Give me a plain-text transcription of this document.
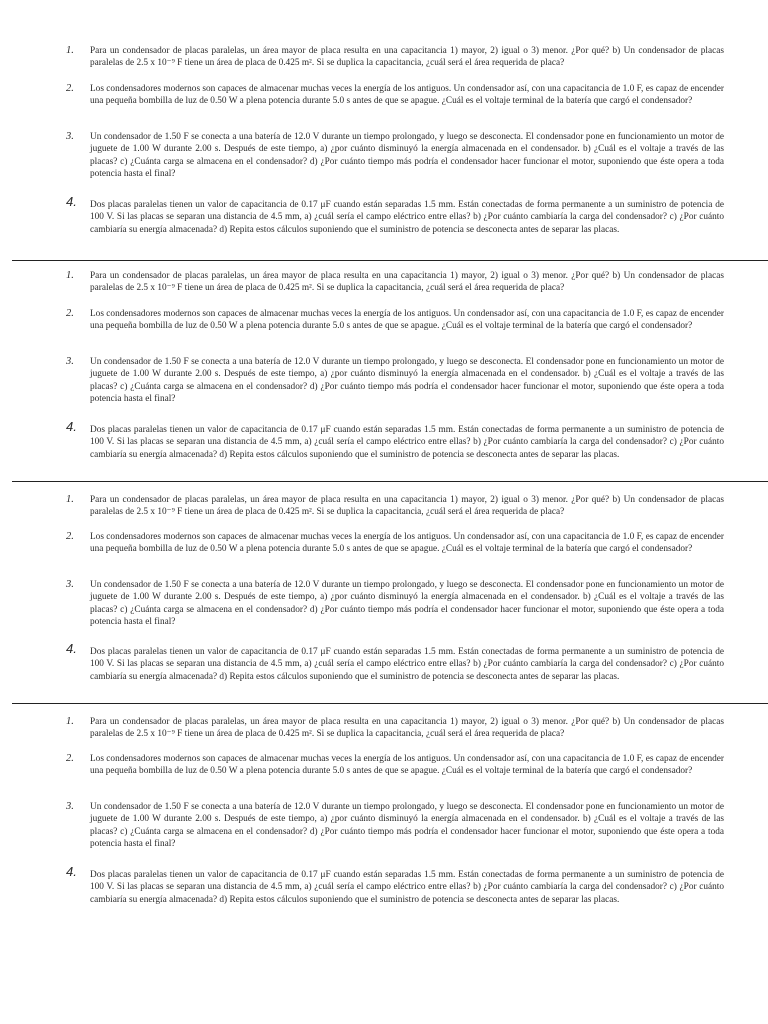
1. Para un condensador de placas paralelas, un área mayor de placa resulta en una capacitancia 1) mayor, 2) igual o 3) menor. ¿Por qué? b) Un condensador de placas paralelas de 2.5 x 10⁻⁹ F tiene un área de placa de 0.425 m². Si se duplica la capacitancia, ¿cuál será el área requerida de placa?
2. Los condensadores modernos son capaces de almacenar muchas veces la energía de los antiguos. Un condensador así, con una capacitancia de 1.0 F, es capaz de encender una pequeña bombilla de luz de 0.50 W a plena potencia durante 5.0 s antes de que se apague. ¿Cuál es el voltaje terminal de la batería que cargó el condensador?
3. Un condensador de 1.50 F se conecta a una batería de 12.0 V durante un tiempo prolongado, y luego se desconecta. El condensador pone en funcionamiento un motor de juguete de 1.00 W durante 2.00 s. Después de este tiempo, a) ¿por cuánto disminuyó la energía almacenada en el condensador. b) ¿Cuál es el voltaje a través de las placas? c) ¿Cuánta carga se almacena en el condensador? d) ¿Por cuánto tiempo más podría el condensador hacer funcionar el motor, suponiendo que éste opera a toda potencia hasta el final?
4. Dos placas paralelas tienen un valor de capacitancia de 0.17 μF cuando están separadas 1.5 mm. Están conectadas de forma permanente a un suministro de potencia de 100 V. Si las placas se separan una distancia de 4.5 mm, a) ¿cuál sería el campo eléctrico entre ellas? b) ¿Por cuánto cambiaría la carga del condensador? c) ¿Por cuánto cambiaría su energía almacenada? d) Repita estos cálculos suponiendo que el suministro de potencia se desconecta antes de separar las placas.
1. Para un condensador de placas paralelas, un área mayor de placa resulta en una capacitancia 1) mayor, 2) igual o 3) menor. ¿Por qué? b) Un condensador de placas paralelas de 2.5 x 10⁻⁹ F tiene un área de placa de 0.425 m². Si se duplica la capacitancia, ¿cuál será el área requerida de placa?
2. Los condensadores modernos son capaces de almacenar muchas veces la energía de los antiguos. Un condensador así, con una capacitancia de 1.0 F, es capaz de encender una pequeña bombilla de luz de 0.50 W a plena potencia durante 5.0 s antes de que se apague. ¿Cuál es el voltaje terminal de la batería que cargó el condensador?
3. Un condensador de 1.50 F se conecta a una batería de 12.0 V durante un tiempo prolongado, y luego se desconecta. El condensador pone en funcionamiento un motor de juguete de 1.00 W durante 2.00 s. Después de este tiempo, a) ¿por cuánto disminuyó la energía almacenada en el condensador. b) ¿Cuál es el voltaje a través de las placas? c) ¿Cuánta carga se almacena en el condensador? d) ¿Por cuánto tiempo más podría el condensador hacer funcionar el motor, suponiendo que éste opera a toda potencia hasta el final?
4. Dos placas paralelas tienen un valor de capacitancia de 0.17 μF cuando están separadas 1.5 mm. Están conectadas de forma permanente a un suministro de potencia de 100 V. Si las placas se separan una distancia de 4.5 mm, a) ¿cuál sería el campo eléctrico entre ellas? b) ¿Por cuánto cambiaría la carga del condensador? c) ¿Por cuánto cambiaría su energía almacenada? d) Repita estos cálculos suponiendo que el suministro de potencia se desconecta antes de separar las placas.
1. Para un condensador de placas paralelas, un área mayor de placa resulta en una capacitancia 1) mayor, 2) igual o 3) menor. ¿Por qué? b) Un condensador de placas paralelas de 2.5 x 10⁻⁹ F tiene un área de placa de 0.425 m². Si se duplica la capacitancia, ¿cuál será el área requerida de placa?
2. Los condensadores modernos son capaces de almacenar muchas veces la energía de los antiguos. Un condensador así, con una capacitancia de 1.0 F, es capaz de encender una pequeña bombilla de luz de 0.50 W a plena potencia durante 5.0 s antes de que se apague. ¿Cuál es el voltaje terminal de la batería que cargó el condensador?
3. Un condensador de 1.50 F se conecta a una batería de 12.0 V durante un tiempo prolongado, y luego se desconecta. El condensador pone en funcionamiento un motor de juguete de 1.00 W durante 2.00 s. Después de este tiempo, a) ¿por cuánto disminuyó la energía almacenada en el condensador. b) ¿Cuál es el voltaje a través de las placas? c) ¿Cuánta carga se almacena en el condensador? d) ¿Por cuánto tiempo más podría el condensador hacer funcionar el motor, suponiendo que éste opera a toda potencia hasta el final?
4. Dos placas paralelas tienen un valor de capacitancia de 0.17 μF cuando están separadas 1.5 mm. Están conectadas de forma permanente a un suministro de potencia de 100 V. Si las placas se separan una distancia de 4.5 mm, a) ¿cuál sería el campo eléctrico entre ellas? b) ¿Por cuánto cambiaría la carga del condensador? c) ¿Por cuánto cambiaría su energía almacenada? d) Repita estos cálculos suponiendo que el suministro de potencia se desconecta antes de separar las placas.
1. Para un condensador de placas paralelas, un área mayor de placa resulta en una capacitancia 1) mayor, 2) igual o 3) menor. ¿Por qué? b) Un condensador de placas paralelas de 2.5 x 10⁻⁹ F tiene un área de placa de 0.425 m². Si se duplica la capacitancia, ¿cuál será el área requerida de placa?
2. Los condensadores modernos son capaces de almacenar muchas veces la energía de los antiguos. Un condensador así, con una capacitancia de 1.0 F, es capaz de encender una pequeña bombilla de luz de 0.50 W a plena potencia durante 5.0 s antes de que se apague. ¿Cuál es el voltaje terminal de la batería que cargó el condensador?
3. Un condensador de 1.50 F se conecta a una batería de 12.0 V durante un tiempo prolongado, y luego se desconecta. El condensador pone en funcionamiento un motor de juguete de 1.00 W durante 2.00 s. Después de este tiempo, a) ¿por cuánto disminuyó la energía almacenada en el condensador. b) ¿Cuál es el voltaje a través de las placas? c) ¿Cuánta carga se almacena en el condensador? d) ¿Por cuánto tiempo más podría el condensador hacer funcionar el motor, suponiendo que éste opera a toda potencia hasta el final?
4. Dos placas paralelas tienen un valor de capacitancia de 0.17 μF cuando están separadas 1.5 mm. Están conectadas de forma permanente a un suministro de potencia de 100 V. Si las placas se separan una distancia de 4.5 mm, a) ¿cuál sería el campo eléctrico entre ellas? b) ¿Por cuánto cambiaría la carga del condensador? c) ¿Por cuánto cambiaría su energía almacenada? d) Repita estos cálculos suponiendo que el suministro de potencia se desconecta antes de separar las placas.
